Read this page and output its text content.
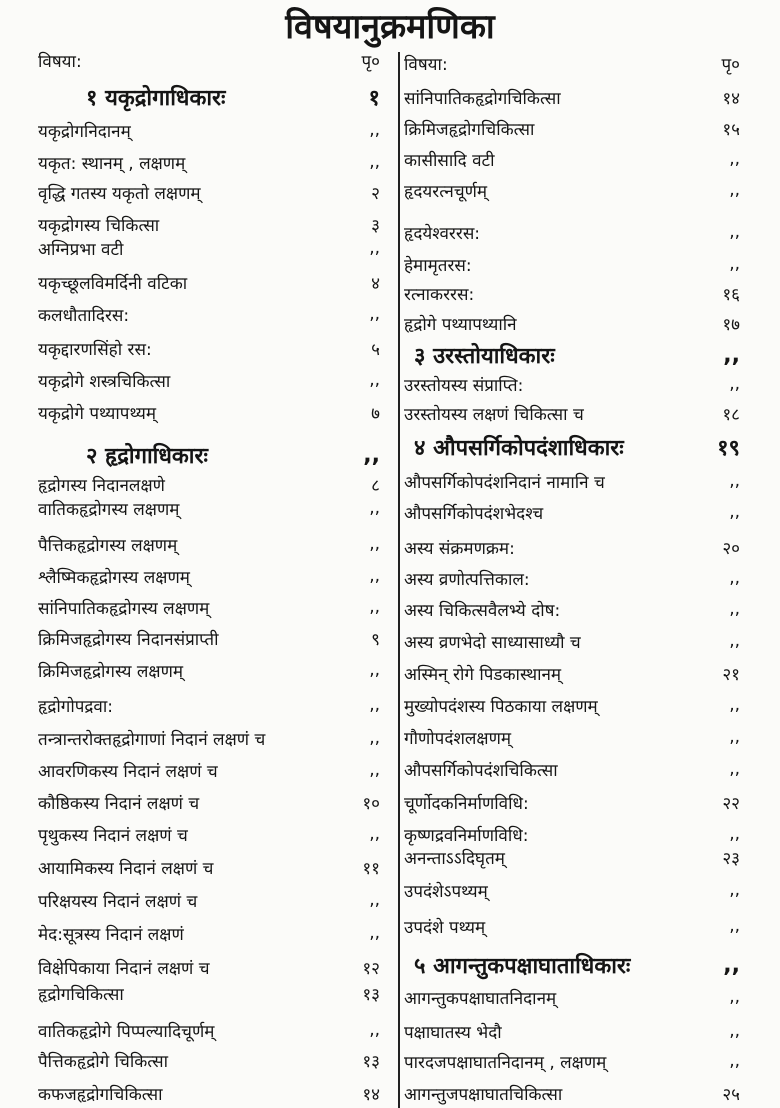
विषयानुक्रमणिका
विषया:	पृ०
१ यकृद्रोगाधिकारः	१
यकृद्रोगनिदानम्	,,
यकृत: स्थानम् , लक्षणम्	,,
वृद्धि गतस्य यकृतो लक्षणम्	२
यकृद्रोगस्य चिकित्सा	३
अग्निप्रभा वटी	,,
यकृच्छूलविमर्दिनी वटिका	४
कलधौतादिरस:	,,
यकृद्दारणसिंहो रस:	५
यकृद्रोगे शस्त्रचिकित्सा	,,
यकृद्रोगे पथ्यापथ्यम्	७
२ हृद्रोगाधिकारः	,,
हृद्रोगस्य निदानलक्षणे	८
वातिकहृद्रोगस्य लक्षणम्	,,
पैत्तिकहृद्रोगस्य लक्षणम्	,,
श्लैष्मिकहृद्रोगस्य लक्षणम्	,,
सांनिपातिकहृद्रोगस्य लक्षणम्	,,
क्रिमिजहृद्रोगस्य निदानसंप्राप्ती	९
क्रिमिजहृद्रोगस्य लक्षणम्	,,
हृद्रोगोपद्रवा:	,,
तन्त्रान्तरोक्तहृद्रोगाणां निदानं लक्षणं च	,,
आवरणिकस्य निदानं लक्षणं च	,,
कौष्ठिकस्य निदानं लक्षणं च	१०
पृथुकस्य निदानं लक्षणं च	,,
आयामिकस्य निदानं लक्षणं च	११
परिक्षयस्य निदानं लक्षणं च	,,
मेद:सूत्रस्य निदानं लक्षणं	,,
विक्षेपिकाया निदानं लक्षणं च	१२
हृद्रोगचिकित्सा	१३
वातिकहृद्रोगे पिप्पल्यादिचूर्णम्	,,
पैत्तिकहृद्रोगे चिकित्सा	१३
कफजहृद्रोगचिकित्सा	१४
विषया:	पृ०
सांनिपातिकहृद्रोगचिकित्सा	१४
क्रिमिजहृद्रोगचिकित्सा	१५
कासीसादि वटी	,,
हृदयरत्नचूर्णम्	,,
हृदयेश्वररस:	,,
हेमामृतरस:	,,
रत्नाकररस:	१६
हृद्रोगे पथ्यापथ्यानि	१७
३ उरस्तोयाधिकारः	,,
उरस्तोयस्य संप्राप्ति:	,,
उरस्तोयस्य लक्षणं चिकित्सा च	१८
४ औपसर्गिकोपदंशाधिकारः	१९
औपसर्गिकोपदंशनिदानं नामानि च	,,
औपसर्गिकोपदंशभेदश्च	,,
अस्य संक्रमणक्रम:	२०
अस्य व्रणोत्पत्तिकाल:	,,
अस्य चिकित्सवैलभ्ये दोष:	,,
अस्य व्रणभेदो साध्यासाध्यौ च	,,
अस्मिन् रोगे पिडकास्थानम्	२१
मुख्योपदंशस्य पिठकाया लक्षणम्	,,
गौणोपदंशलक्षणम्	,,
औपसर्गिकोपदंशचिकित्सा	,,
चूर्णोदकनिर्माणविधि:	२२
कृष्णद्रवनिर्माणविधि:	,,
अनन्ताऽऽदिघृतम्	२३
उपदंशेऽपथ्यम्	,,
उपदंशे पथ्यम्	,,
५ आगन्तुकपक्षाघाताधिकारः	,,
आगन्तुकपक्षाघातनिदानम्	,,
पक्षाघातस्य भेदौ	,,
पारदजपक्षाघातनिदानम् , लक्षणम्	,,
आगन्तुजपक्षाघातचिकित्सा	२५
